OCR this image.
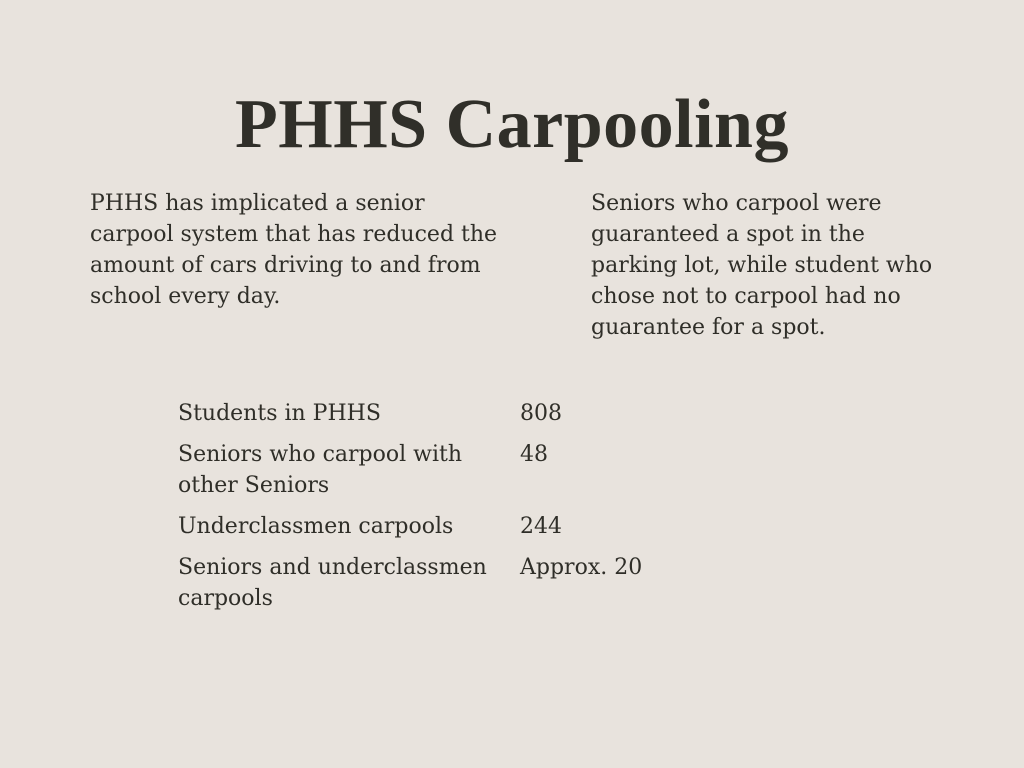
PHHS Carpooling
PHHS has implicated a senior carpool system that has reduced the amount of cars driving to and from school every day.
Seniors who carpool were guaranteed a spot in the parking lot, while student who chose not to carpool had no guarantee for a spot.
Students in PHHS	808
Seniors who carpool with other Seniors
48
Underclassmen carpools	244
Seniors and underclassmen carpools
Approx. 20
